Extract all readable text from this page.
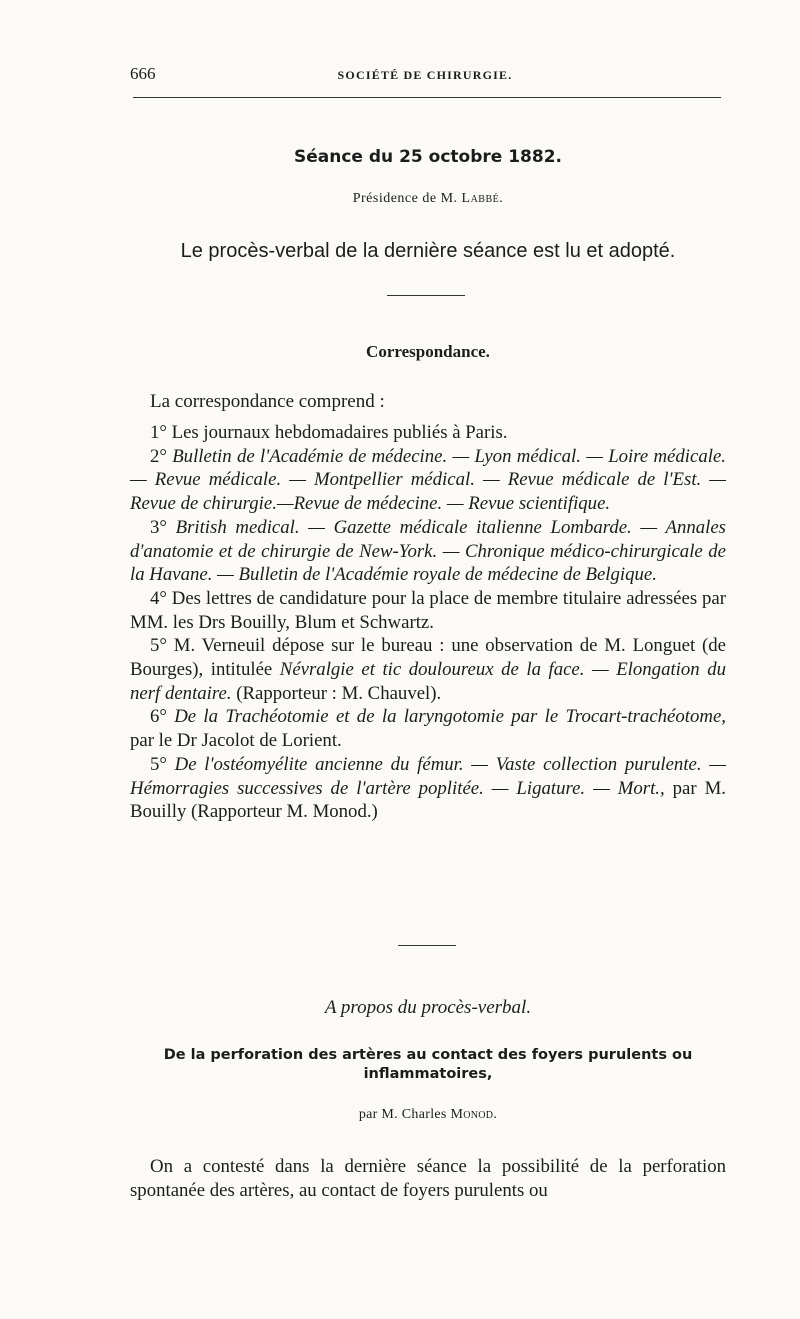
666	SOCIÉTÉ DE CHIRURGIE.
Séance du 25 octobre 1882.
Présidence de M. Labbé.
Le procès-verbal de la dernière séance est lu et adopté.
Correspondance.
La correspondance comprend :

1° Les journaux hebdomadaires publiés à Paris.

2° Bulletin de l'Académie de médecine. — Lyon médical. — Loire médicale. — Revue médicale. — Montpellier médical. — Revue médicale de l'Est. — Revue de chirurgie.—Revue de médecine. — Revue scientifique.

3° British medical. — Gazette médicale italienne Lombarde. — Annales d'anatomie et de chirurgie de New-York. — Chronique médico-chirurgicale de la Havane. — Bulletin de l'Académie royale de médecine de Belgique.

4° Des lettres de candidature pour la place de membre titulaire adressées par MM. les Drs Bouilly, Blum et Schwartz.

5° M. Verneuil dépose sur le bureau : une observation de M. Longuet (de Bourges), intitulée Névralgie et tic douloureux de la face. — Elongation du nerf dentaire. (Rapporteur : M. Chauvel).

6° De la Trachéotomie et de la laryngotomie par le Trocart-trachéotome, par le Dr Jacolot de Lorient.

5° De l'ostéomyélite ancienne du fémur. — Vaste collection purulente. — Hémorragies successives de l'artère poplitée. — Ligature. — Mort., par M. Bouilly (Rapporteur M. Monod.)

A propos du procès-verbal.
De la perforation des artères au contact des foyers purulents ou inflammatoires,
par M. Charles Monod.

On a contesté dans la dernière séance la possibilité de la perforation spontanée des artères, au contact de foyers purulents ou
